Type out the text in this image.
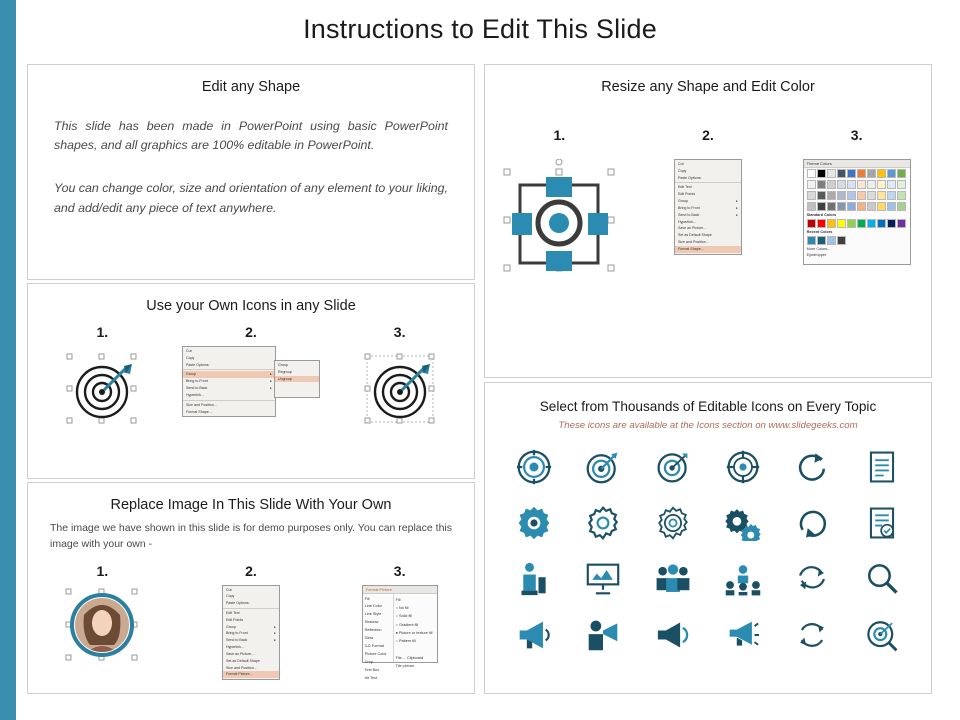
Instructions to Edit This Slide
Edit any Shape
This slide has been made in PowerPoint using basic PowerPoint shapes, and all graphics are 100% editable in PowerPoint.
You can change color, size and orientation of any element to your liking, and add/edit any piece of text anywhere.
Use your Own Icons in any Slide
1.	2.	3.
Cut
Copy
Paste Options:
Group	▸
Bring to Front	▸
Send to Back	▸
Hyperlink...
Size and Position...
Format Shape...
Group
Regroup
Ungroup
Replace Image In This Slide With Your Own
The image we have shown in this slide is for demo purposes only. You can replace this image with your own -
1.	2.	3.
Cut
Copy
Paste Options:
Edit Text
Edit Points
Group	▸
Bring to Front	▸
Send to Back	▸
Hyperlink...
Save as Picture...
Set as Default Shape
Size and Position...
Format Picture...
Format Picture
Fill
Line Color
Line Style
Shadow
Reflection
Glow
3-D Format
Picture Color
Crop
Text Box
Alt Text
Fill
○ No fill
○ Solid fill
○ Gradient fill
● Picture or texture fill
○ Pattern fill

File...  Clipboard
Tile picture
Resize any Shape and Edit Color
1.	2.	3.
Cut
Copy
Paste Options:
Edit Text
Edit Points
Group	▸
Bring to Front	▸
Send to Back	▸
Hyperlink...
Save as Picture...
Set as Default Shape
Size and Position...
Format Shape...
Theme Colors
Standard Colors
Recent Colors
More Colors...
Eyedropper
Select from Thousands of Editable Icons on Every Topic
These icons are available at the Icons section on www.slidegeeks.com
